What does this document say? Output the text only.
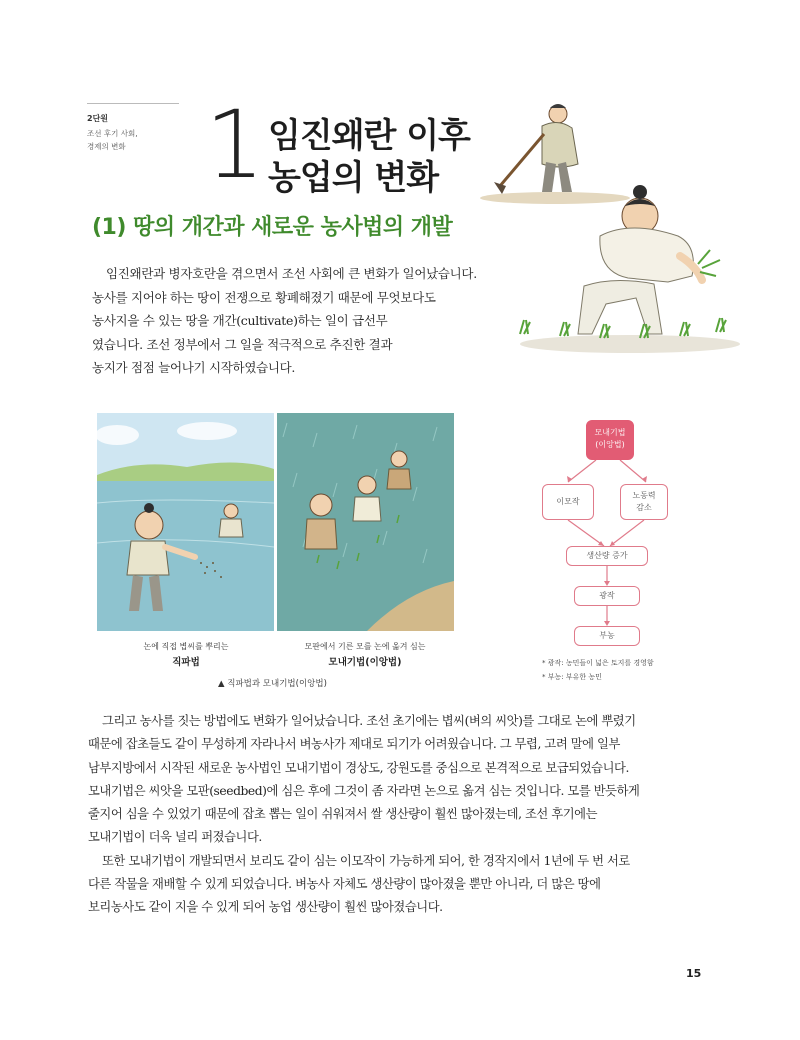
2단원
조선 후기 사회,
경제의 변화 1 임진왜란 이후
농업의 변화
(1) 땅의 개간과 새로운 농사법의 개발
임진왜란과 병자호란을 겪으면서 조선 사회에 큰 변화가 일어났습니다.
농사를 지어야 하는 땅이 전쟁으로 황폐해졌기 때문에 무엇보다도
농사지을 수 있는 땅을 개간(cultivate)하는 일이 급선무
였습니다. 조선 정부에서 그 일을 적극적으로 추진한 결과
농지가 점점 늘어나기 시작하였습니다.
논에 직접 볍씨를 뿌리는
직파법
모판에서 기른 모를 논에 옮겨 심는
모내기법(이앙법)
▲ 직파법과 모내기법(이앙법)
모내기법
(이앙법)
이모작
노동력
감소
생산량 증가
광작
부농
* 광작: 농민들이 넓은 토지를 경영함
* 부농: 부유한 농민
그리고 농사를 짓는 방법에도 변화가 일어났습니다. 조선 초기에는 볍씨(벼의 씨앗)를 그대로 논에 뿌렸기
때문에 잡초들도 같이 무성하게 자라나서 벼농사가 제대로 되기가 어려웠습니다. 그 무렵, 고려 말에 일부
남부지방에서 시작된 새로운 농사법인 모내기법이 경상도, 강원도를 중심으로 본격적으로 보급되었습니다.
모내기법은 씨앗을 모판(seedbed)에 심은 후에 그것이 좀 자라면 논으로 옮겨 심는 것입니다. 모를 반듯하게
줄지어 심을 수 있었기 때문에 잡초 뽑는 일이 쉬워져서 쌀 생산량이 훨씬 많아졌는데, 조선 후기에는
모내기법이 더욱 널리 퍼졌습니다.
또한 모내기법이 개발되면서 보리도 같이 심는 이모작이 가능하게 되어, 한 경작지에서 1년에 두 번 서로
다른 작물을 재배할 수 있게 되었습니다. 벼농사 자체도 생산량이 많아졌을 뿐만 아니라, 더 많은 땅에
보리농사도 같이 지을 수 있게 되어 농업 생산량이 훨씬 많아졌습니다.
15
